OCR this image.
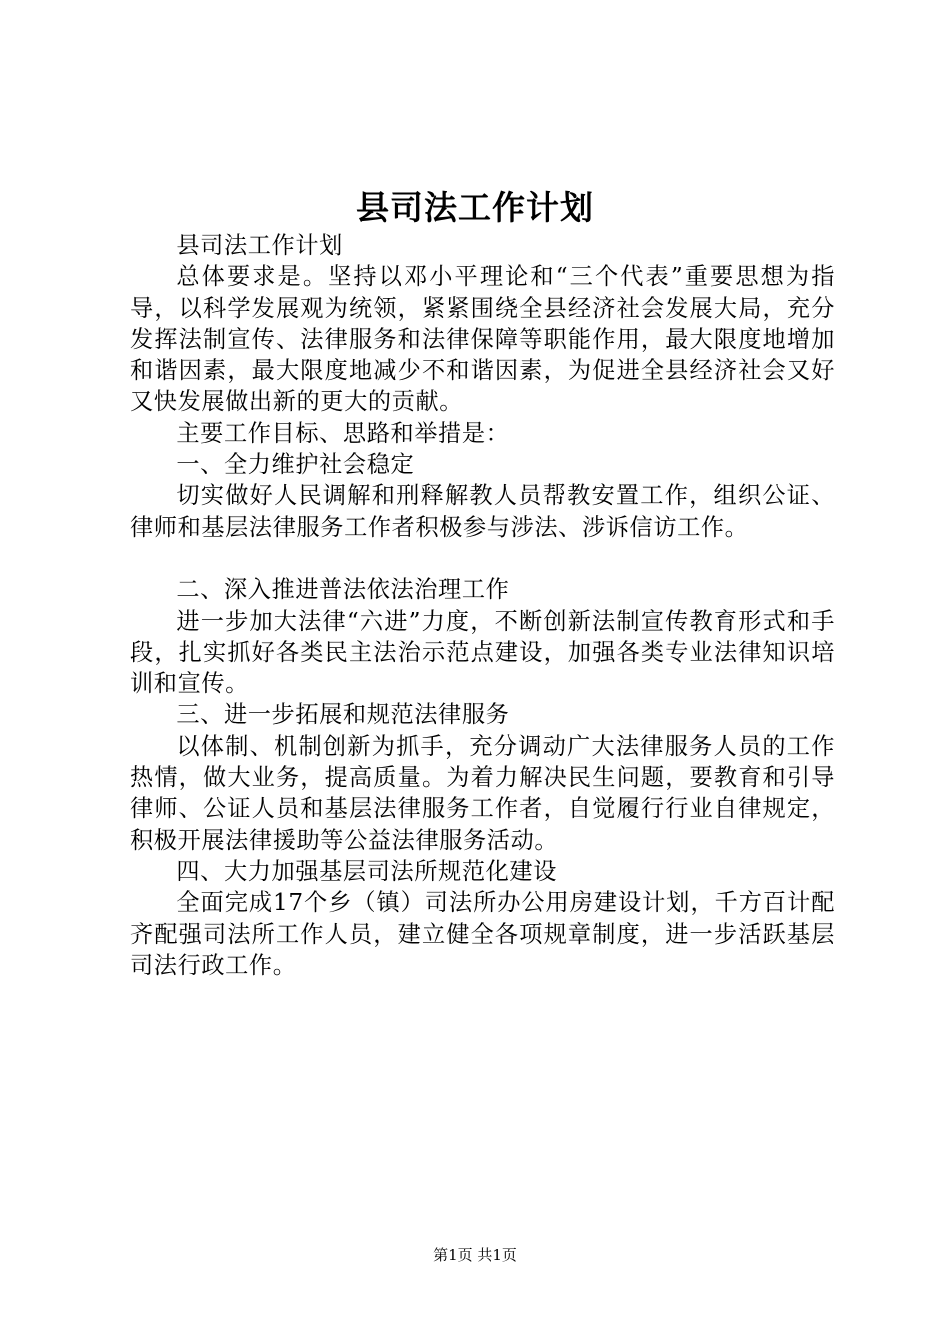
县司法工作计划

县司法工作计划

总体要求是。坚持以邓小平理论和“三个代表”重要思想为指导，以科学发展观为统领，紧紧围绕全县经济社会发展大局，充分发挥法制宣传、法律服务和法律保障等职能作用，最大限度地增加和谐因素，最大限度地减少不和谐因素，为促进全县经济社会又好又快发展做出新的更大的贡献。

主要工作目标、思路和举措是：

一、全力维护社会稳定

切实做好人民调解和刑释解教人员帮教安置工作，组织公证、律师和基层法律服务工作者积极参与涉法、涉诉信访工作。

二、深入推进普法依法治理工作

进一步加大法律“六进”力度，不断创新法制宣传教育形式和手段，扎实抓好各类民主法治示范点建设，加强各类专业法律知识培训和宣传。

三、进一步拓展和规范法律服务

以体制、机制创新为抓手，充分调动广大法律服务人员的工作热情，做大业务，提高质量。为着力解决民生问题，要教育和引导律师、公证人员和基层法律服务工作者，自觉履行行业自律规定，积极开展法律援助等公益法律服务活动。

四、大力加强基层司法所规范化建设

全面完成17个乡（镇）司法所办公用房建设计划，千方百计配齐配强司法所工作人员，建立健全各项规章制度，进一步活跃基层司法行政工作。

第1页 共1页
